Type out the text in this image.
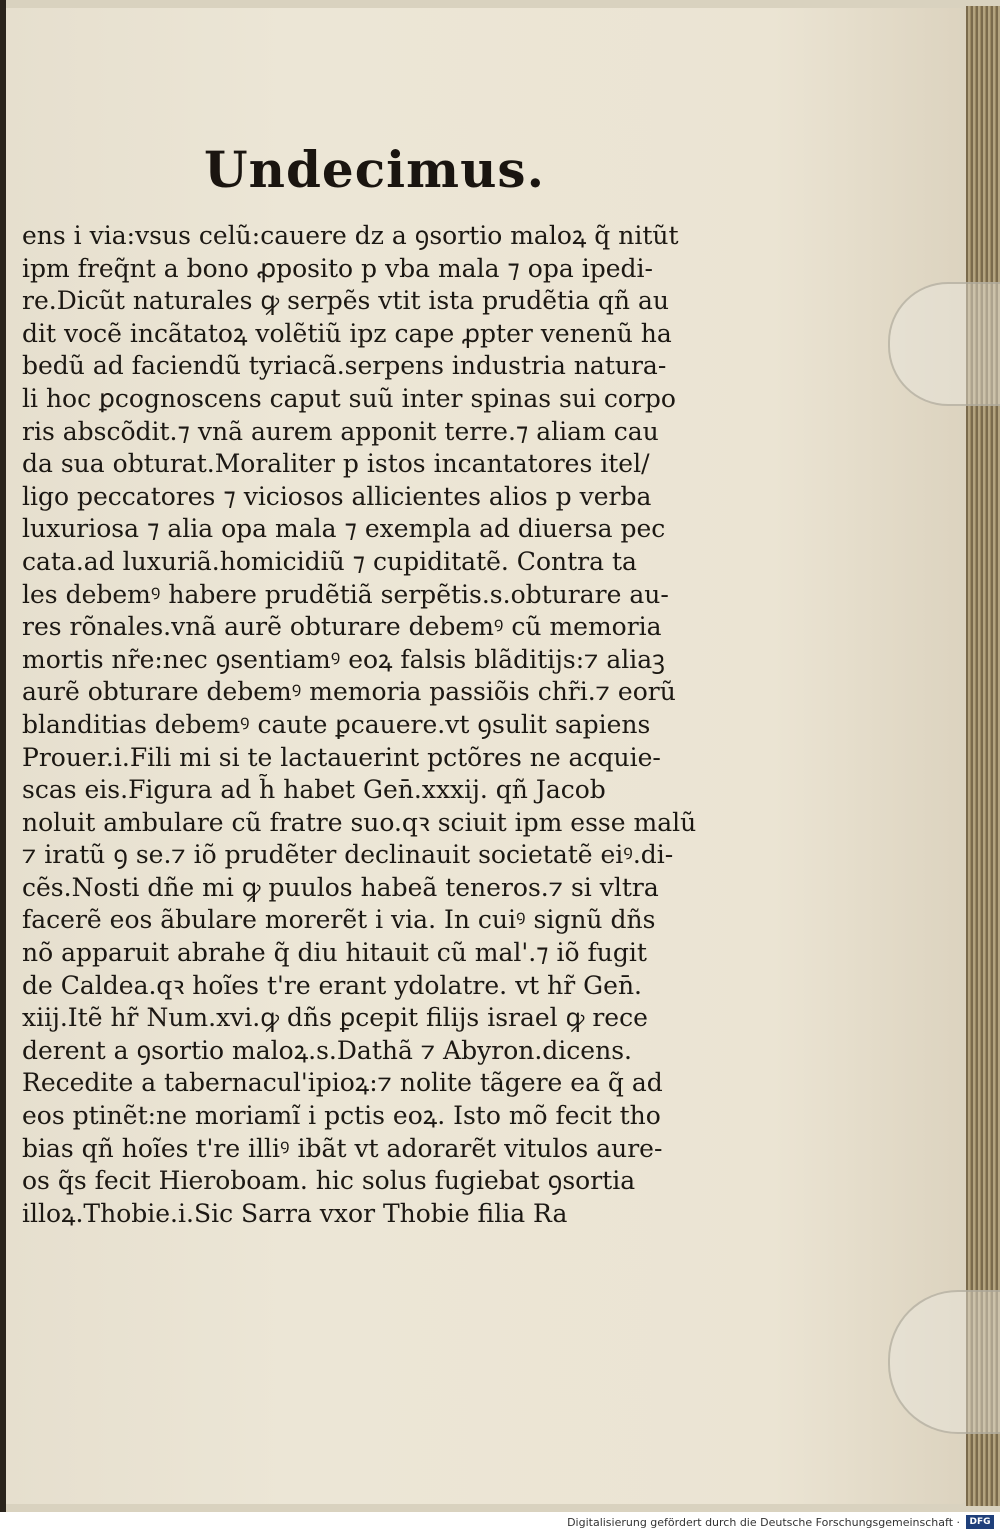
Undecimus.
ens i via:vsus celũ:cauere dz a ꝯsortio maloꝝ q̃ nitũt
ipm freq̃nt a bono ꝓposito p vba mala ⁊ opa ipedi-
re.Dicũt naturales ꝙ serpẽs vtit ista prudẽtia qñ au
dit vocẽ incãtatoꝝ volẽtiũ ipz cape ꝓpter venenũ ha
bedũ ad faciendũ tyriacã.serpens industria natura-
li hoc ꝑcognoscens caput suũ inter spinas sui corpo
ris abscõdit.⁊ vnã aurem apponit terre.⁊ aliam cau
da sua obturat.Moraliter p istos incantatores itel/
ligo peccatores ⁊ viciosos allicientes alios p verba
luxuriosa ⁊ alia opa mala ⁊ exempla ad diuersa pec
cata.ad luxuriã.homicidiũ ⁊ cupiditatẽ. Contra ta
les debemꝰ habere prudẽtiã serpẽtis.s.obturare au-
res rõnales.vnã aurẽ obturare debemꝰ cũ memoria
mortis nr̃e:nec ꝯsentiamꝰ eoꝝ falsis blãditijs:⁊ aliaꝫ
aurẽ obturare debemꝰ memoria passiõis chr̃i.⁊ eorũ
blanditias debemꝰ caute ꝑcauere.vt ꝯsulit sapiens
Prouer.i.Fili mi si te lactauerint pctõres ne acquie-
scas eis.Figura ad h̃ habet Gen̄.xxxij. qñ Jacob
noluit ambulare cũ fratre suo.qꝛ sciuit ipm esse malũ
⁊ iratũ ꝯ se.⁊ iõ prudẽter declinauit societatẽ eiꝰ.di-
cẽs.Nosti dñe mi ꝙ puulos habeã teneros.⁊ si vltra
facerẽ eos ãbulare morerẽt i via. In cuiꝰ signũ dñs
nõ apparuit abrahe q̃ diu hitauit cũ mal'.⁊ iõ fugit
de Caldea.qꝛ hoĩes t're erant ydolatre. vt hr̃ Gen̄.
xiij.Itẽ hr̃ Num.xvi.ꝙ dñs ꝑcepit filijs israel ꝙ rece
derent a ꝯsortio maloꝝ.s.Dathã ⁊ Abyron.dicens.
Recedite a tabernacul'ipioꝝ:⁊ nolite tãgere ea q̃ ad
eos ptinẽt:ne moriamĩ i pctis eoꝝ. Isto mõ fecit tho
bias qñ hoĩes t're illiꝰ ibãt vt adorarẽt vitulos aure-
os q̃s fecit Hieroboam. hic solus fugiebat ꝯsortia
illoꝝ.Thobie.i.Sic Sarra vxor Thobie filia Ra
Digitalisierung gefördert durch die Deutsche Forschungsgemeinschaft ·	DFG
